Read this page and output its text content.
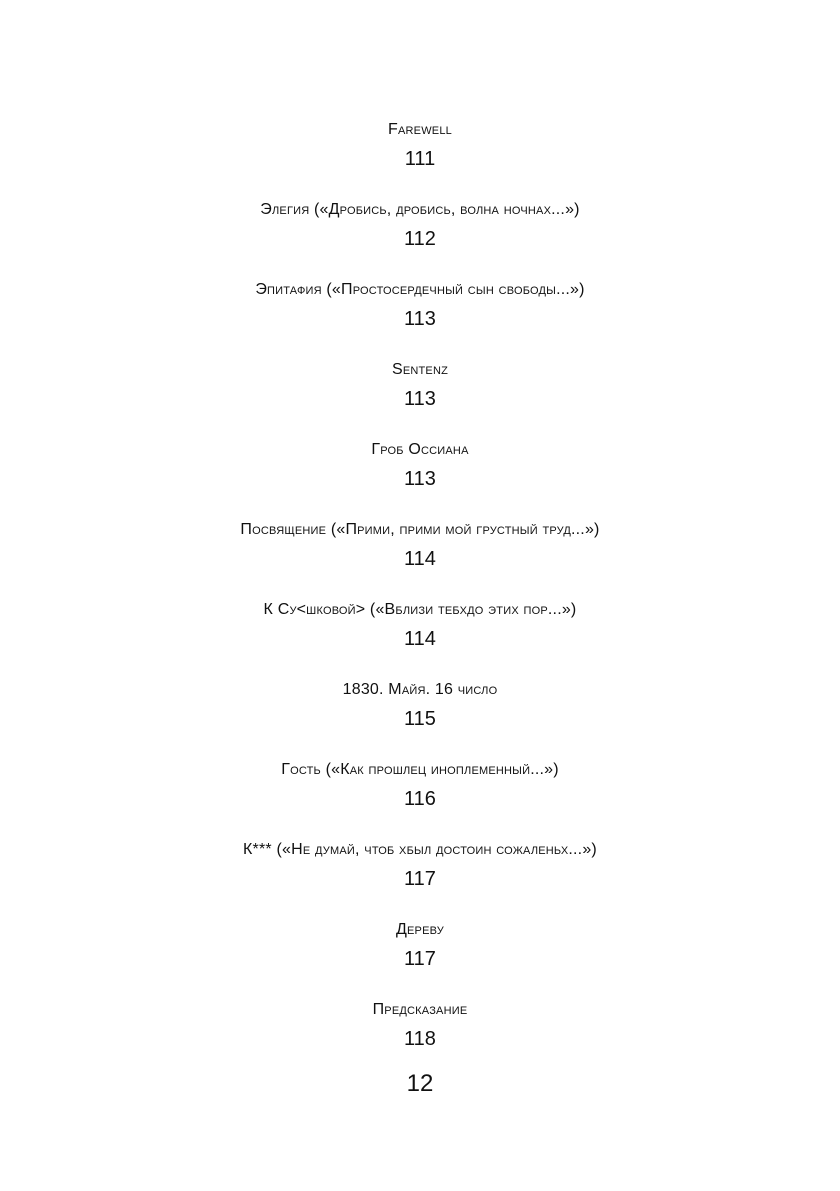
Farewell
111
Элегия («Дробись, дробись, волна ночнах...»)
112
Эпитафия («Простосердечный сын свободы...»)
113
Sentenz
113
Гроб Оссиана
113
Посвящение («Прими, прими мой грустный труд...»)
114
К Су<шковой> («Вблизи тебхдо этих пор...»)
114
1830. Майя. 16 число
115
Гость («Как прошлец иноплеменный...»)
116
К*** («Не думай, чтоб хбыл достоин сожаленьх...»)
117
Дереву
117
Предсказание
118
12
